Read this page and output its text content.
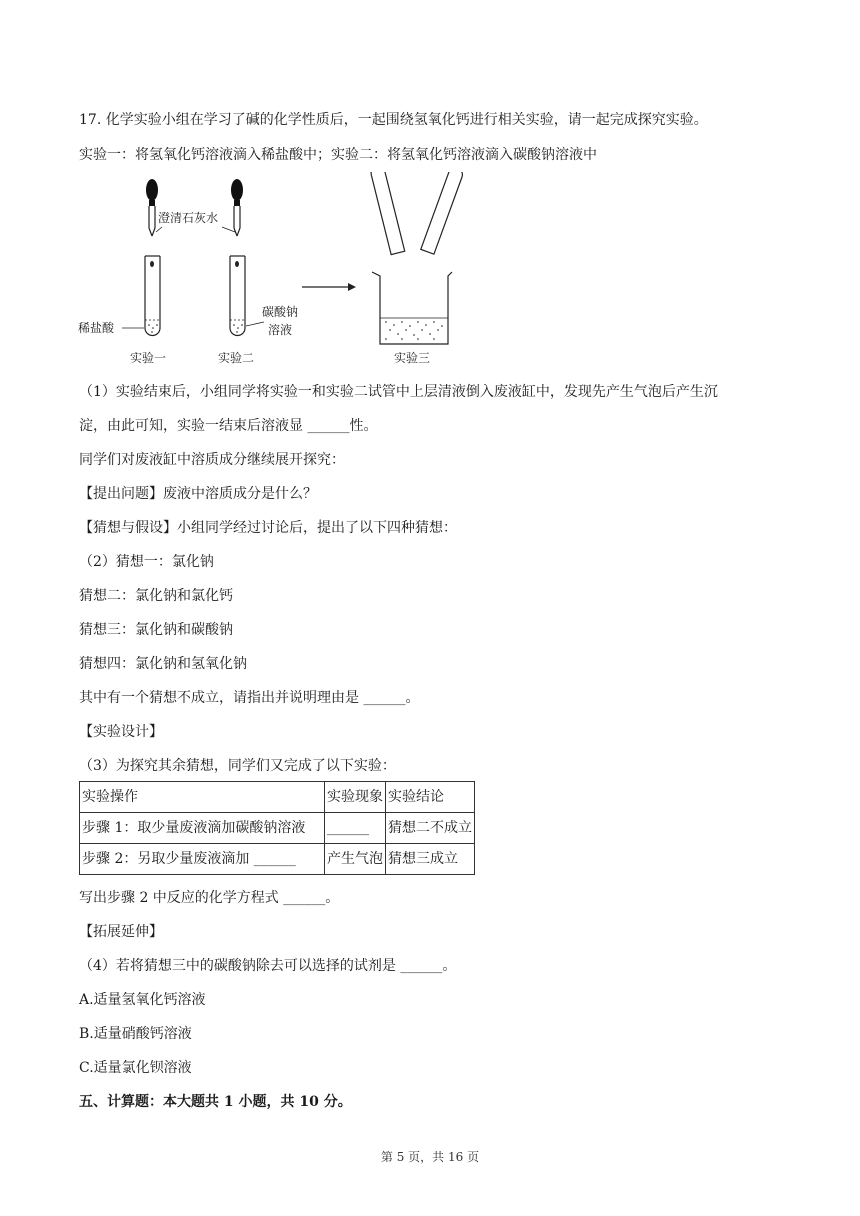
17. 化学实验小组在学习了碱的化学性质后，一起围绕氢氧化钙进行相关实验，请一起完成探究实验。
实验一：将氢氧化钙溶液滴入稀盐酸中；实验二：将氢氧化钙溶液滴入碳酸钠溶液中
澄清石灰水
稀盐酸
碳酸钠
溶液
实验一	实验二	实验三
（1）实验结束后，小组同学将实验一和实验二试管中上层清液倒入废液缸中，发现先产生气泡后产生沉
淀，由此可知，实验一结束后溶液显 ______性。
同学们对废液缸中溶质成分继续展开探究：
【提出问题】废液中溶质成分是什么？
【猜想与假设】小组同学经过讨论后，提出了以下四种猜想：
（2）猜想一：氯化钠
猜想二：氯化钠和氯化钙
猜想三：氯化钠和碳酸钠
猜想四：氯化钠和氢氧化钠
其中有一个猜想不成立，请指出并说明理由是 ______。
【实验设计】
（3）为探究其余猜想，同学们又完成了以下实验：
实验操作	实验现象	实验结论
步骤 1：取少量废液滴加碳酸钠溶液	______	猜想二不成立
步骤 2：另取少量废液滴加 ______	产生气泡	猜想三成立
写出步骤 2 中反应的化学方程式 ______。
【拓展延伸】
（4）若将猜想三中的碳酸钠除去可以选择的试剂是 ______。
A.适量氢氧化钙溶液
B.适量硝酸钙溶液
C.适量氯化钡溶液
五、计算题：本大题共 1 小题，共 10 分。
第 5 页，共 16 页
